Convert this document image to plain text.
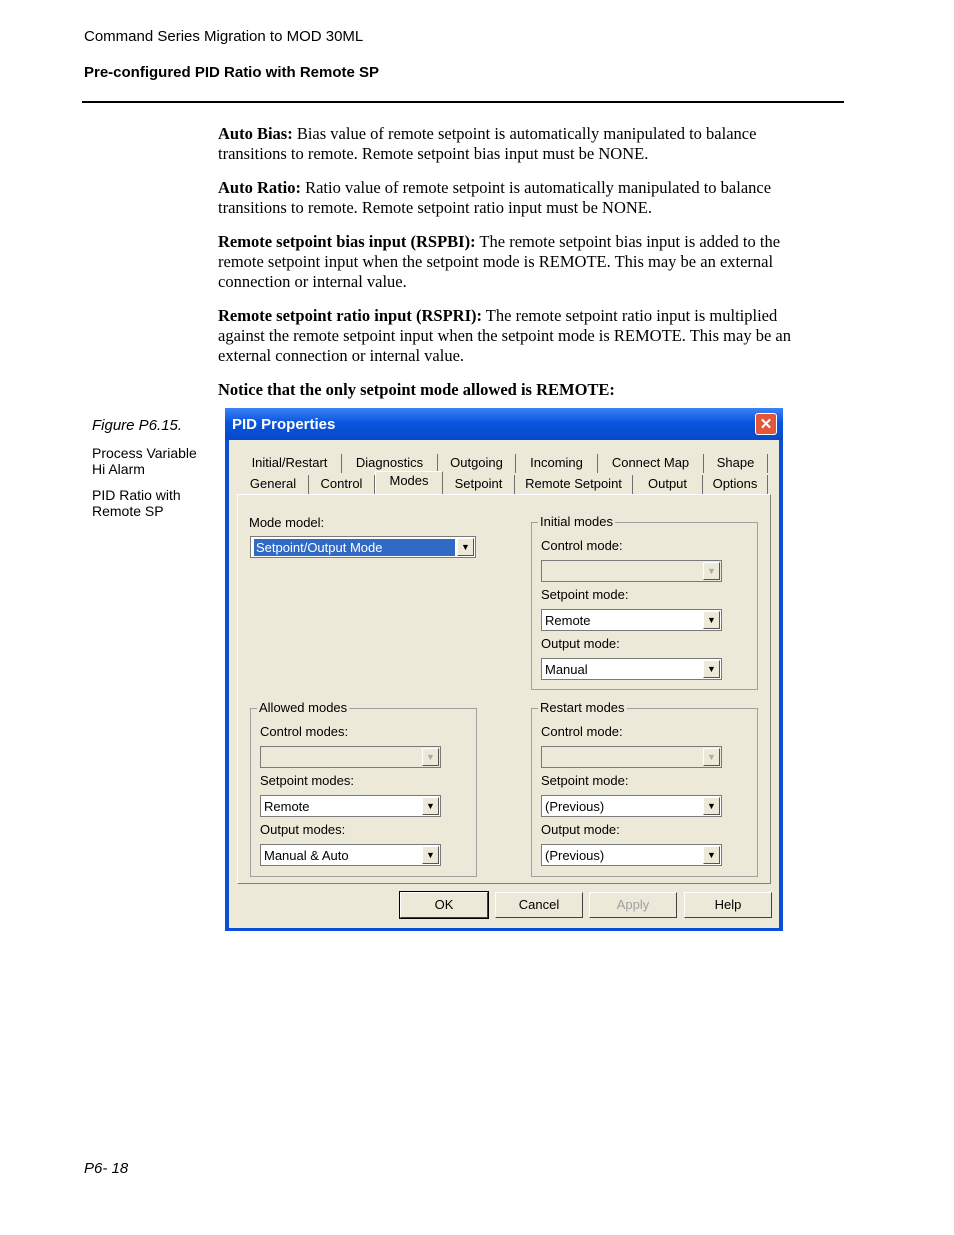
Command Series Migration to MOD 30ML
Pre-configured PID Ratio with Remote SP

Auto Bias: Bias value of remote setpoint is automatically manipulated to balance transitions to remote. Remote setpoint bias input must be NONE.

Auto Ratio: Ratio value of remote setpoint is automatically manipulated to balance transitions to remote. Remote setpoint ratio input must be NONE.

Remote setpoint bias input (RSPBI): The remote setpoint bias input is added to the remote setpoint input when the setpoint mode is REMOTE. This may be an external connection or internal value.

Remote setpoint ratio input (RSPRI): The remote setpoint ratio input is multiplied against the remote setpoint input when the setpoint mode is REMOTE. This may be an external connection or internal value.

Notice that the only setpoint mode allowed is REMOTE:

Figure P6.15.
Process Variable Hi Alarm
PID Ratio with Remote SP
PID Properties	✕
Initial/Restart	Diagnostics	Outgoing	Incoming	Connect Map	Shape
General	Control	Modes	Setpoint	Remote Setpoint	Output	Options
Mode model:
Setpoint/Output Mode	▼
Initial modes
Control mode:
▼
Setpoint mode:
Remote	▼
Output mode:
Manual	▼
Allowed modes
Control modes:
▼
Setpoint modes:
Remote	▼
Output modes:
Manual & Auto	▼
Restart modes
Control mode:
▼
Setpoint mode:
(Previous)	▼
Output mode:
(Previous)	▼
OK	Cancel	Apply	Help
P6- 18
